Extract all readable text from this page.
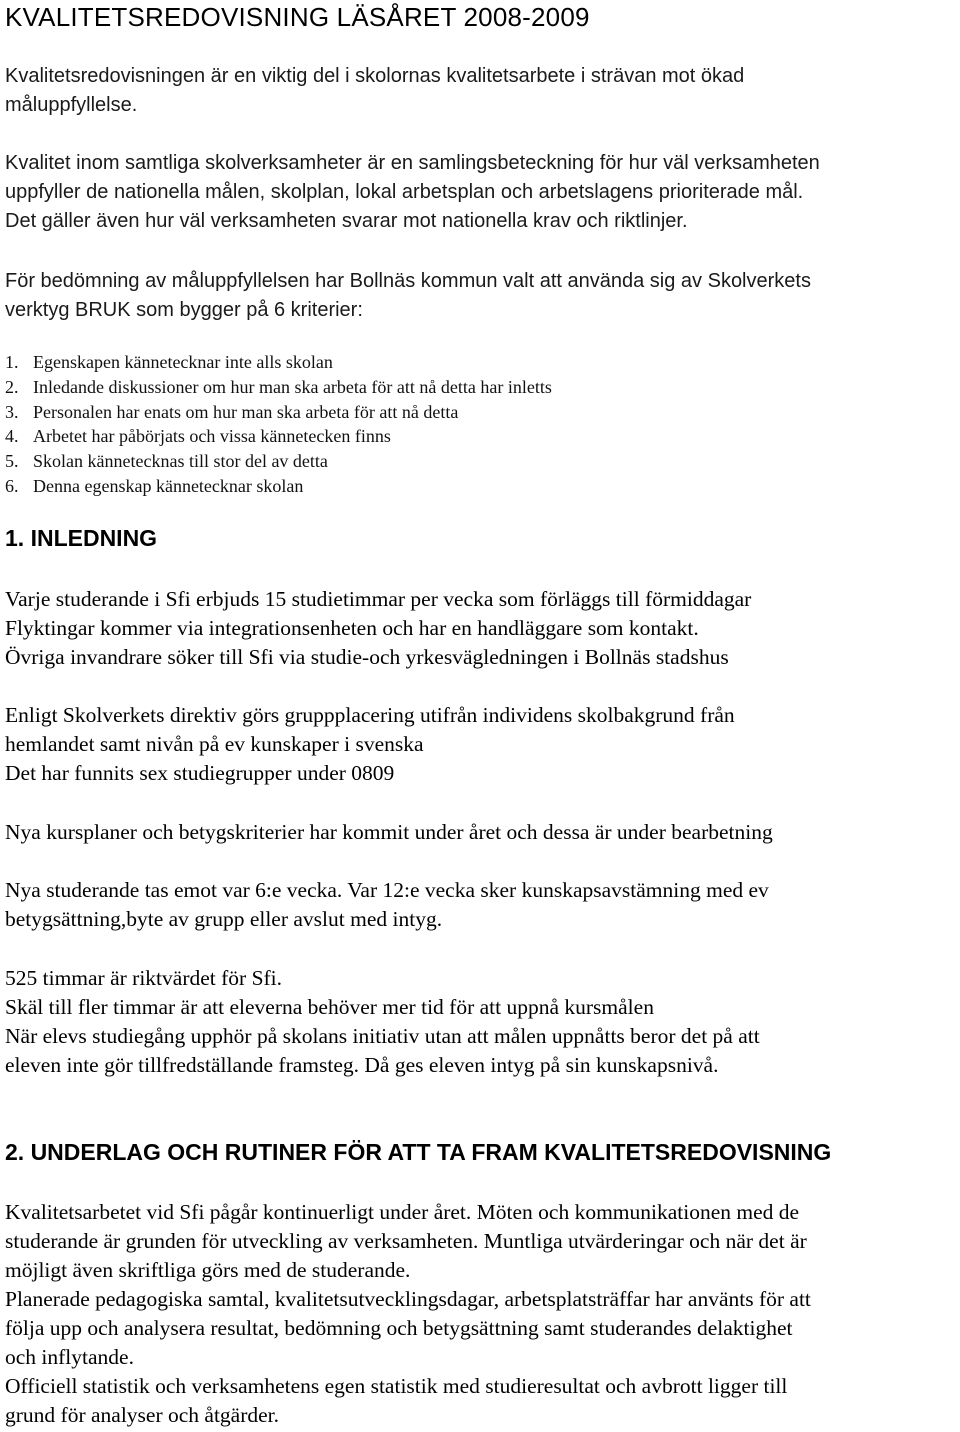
KVALITETSREDOVISNING LÄSÅRET 2008-2009
Kvalitetsredovisningen är en viktig del i skolornas kvalitetsarbete i strävan mot ökad
måluppfyllelse.
Kvalitet inom samtliga skolverksamheter är en samlingsbeteckning för hur väl verksamheten
uppfyller de nationella målen, skolplan, lokal arbetsplan och arbetslagens prioriterade mål.
Det gäller även hur väl verksamheten svarar mot nationella krav och riktlinjer.
För bedömning av måluppfyllelsen har Bollnäs kommun valt att använda sig av Skolverkets
verktyg BRUK som bygger på 6 kriterier:
1. Egenskapen kännetecknar inte alls skolan
2. Inledande diskussioner om hur man ska arbeta för att nå detta har inletts
3. Personalen har enats om hur man ska arbeta för att nå detta
4. Arbetet har påbörjats och vissa kännetecken finns
5. Skolan kännetecknas till stor del av detta
6. Denna egenskap kännetecknar skolan
1. INLEDNING
Varje studerande i Sfi erbjuds 15 studietimmar per vecka som förläggs till förmiddagar
Flyktingar kommer via integrationsenheten och har en handläggare som kontakt.
Övriga invandrare söker till Sfi via studie-och yrkesvägledningen i Bollnäs stadshus
Enligt Skolverkets direktiv görs gruppplacering utifrån individens skolbakgrund från
hemlandet samt nivån på ev kunskaper i svenska
Det har funnits sex studiegrupper under 0809
Nya kursplaner och betygskriterier har kommit under året och dessa är under bearbetning
Nya studerande tas emot var 6:e vecka. Var 12:e vecka sker kunskapsavstämning med ev
betygsättning,byte av grupp eller avslut med intyg.
525 timmar är riktvärdet för Sfi.
Skäl till fler timmar är att eleverna behöver mer tid för att uppnå kursmålen
När elevs studiegång upphör på skolans initiativ utan att målen uppnåtts beror det på att
eleven inte gör tillfredställande framsteg. Då ges eleven intyg på sin kunskapsnivå.
2. UNDERLAG OCH RUTINER FÖR ATT TA FRAM KVALITETSREDOVISNING
Kvalitetsarbetet vid Sfi pågår kontinuerligt under året. Möten och kommunikationen med de
studerande är grunden för utveckling av verksamheten. Muntliga utvärderingar och när det är
möjligt även skriftliga görs med de studerande.
Planerade pedagogiska samtal, kvalitetsutvecklingsdagar, arbetsplatsträffar har använts för att
följa upp och analysera resultat, bedömning och betygsättning samt studerandes delaktighet
och inflytande.
Officiell statistik och verksamhetens egen statistik med studieresultat och avbrott ligger till
grund för analyser och åtgärder.
